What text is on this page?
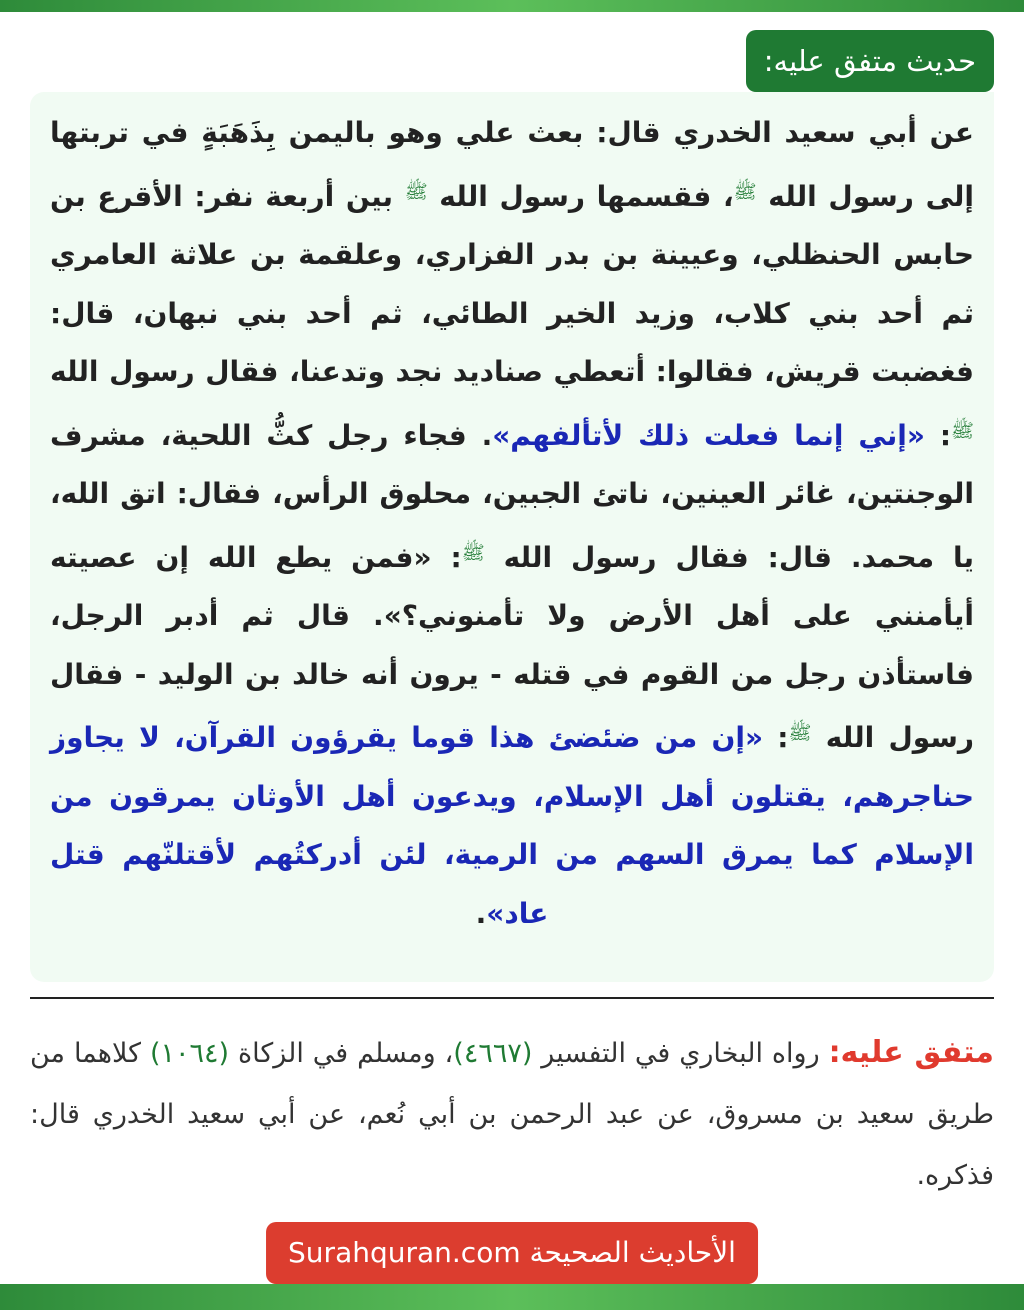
حديث متفق عليه:

عن أبي سعيد الخدري قال: بعث علي وهو باليمن بِذَهَبَةٍ في تربتها إلى رسول الله $^ﷺ$، فقسمها رسول الله $^ﷺ$ بين أربعة نفر: الأقرع بن حابس الحنظلي، وعيينة بن بدر الفزاري، وعلقمة بن علاثة العامري ثم أحد بني كلاب، وزيد الخير الطائي، ثم أحد بني نبهان، قال: فغضبت قريش، فقالوا: أتعطي صناديد نجد وتدعنا، فقال رسول الله $^ﷺ$: «إني إنما فعلت ذلك لأتألفهم». فجاء رجل كثُّ اللحية، مشرف الوجنتين، غائر العينين، ناتئ الجبين، محلوق الرأس، فقال: اتق الله، يا محمد. قال: فقال رسول الله $^ﷺ$: «فمن يطع الله إن عصيته أيأمنني على أهل الأرض ولا تأمنوني؟». قال ثم أدبر الرجل، فاستأذن رجل من القوم في قتله - يرون أنه خالد بن الوليد - فقال رسول الله $^ﷺ$: «إن من ضئضئ هذا قوما يقرؤون القرآن، لا يجاوز حناجرهم، يقتلون أهل الإسلام، ويدعون أهل الأوثان يمرقون من الإسلام كما يمرق السهم من الرمية، لئن أدركتُهم لأقتلنّهم قتل عاد».

متفق عليه: رواه البخاري في التفسير (٤٦٦٧)، ومسلم في الزكاة (١٠٦٤) كلاهما من طريق سعيد بن مسروق، عن عبد الرحمن بن أبي نُعم، عن أبي سعيد الخدري قال: فذكره.

الأحاديث الصحيحة Surahquran.com
